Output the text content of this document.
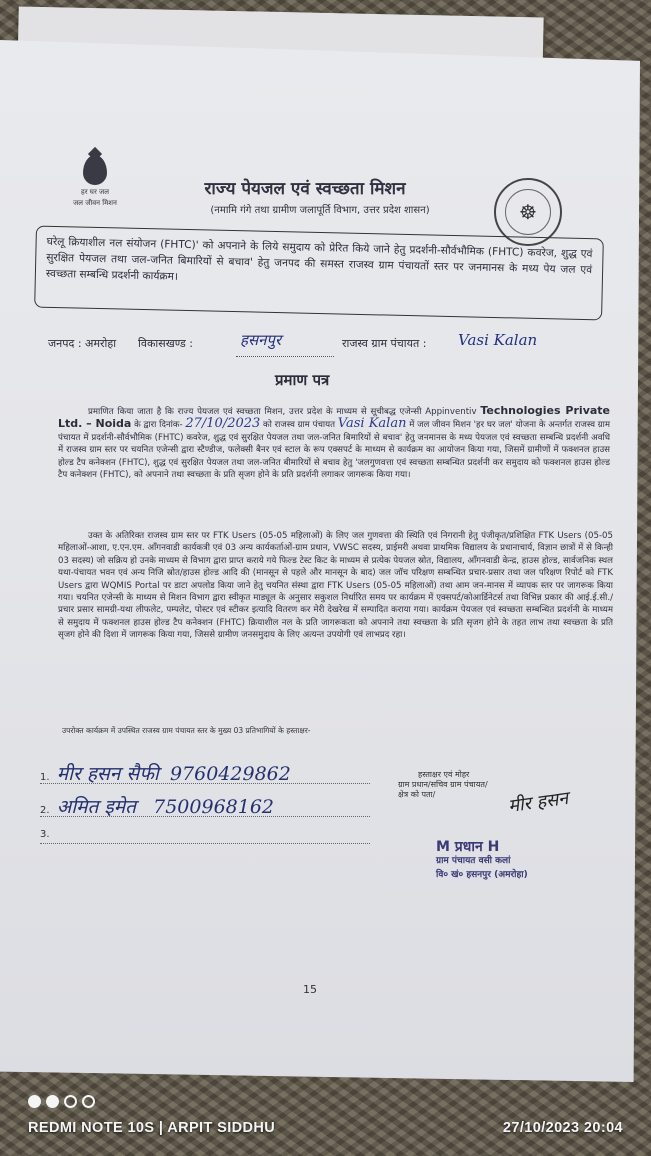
हर घर जल
जल जीवन मिशन
राज्य पेयजल एवं स्वच्छता मिशन
(नमामि गंगे तथा ग्रामीण जलापूर्ति विभाग, उत्तर प्रदेश शासन)	☸
घरेलू क्रियाशील नल संयोजन (FHTC)' को अपनाने के लिये समुदाय को प्रेरित किये जाने हेतु प्रदर्शनी-सौर्वभौमिक (FHTC) कवरेज, शुद्ध एवं सुरक्षित पेयजल तथा जल-जनित बिमारियों से बचाव' हेतु जनपद की समस्त राजस्व ग्राम पंचायतों स्तर पर जनमानस के मध्य पेय जल एवं स्वच्छता सम्बन्धि प्रदर्शनी कार्यक्रम।
जनपद : अमरोहा विकासखण्ड :	हसनपुर	राजस्व ग्राम पंचायत : Vasi Kalan
प्रमाण पत्र
प्रमाणित किया जाता है कि राज्य पेयजल एवं स्वच्छता मिशन, उत्तर प्रदेश के माध्यम से सूचीबद्ध एजेन्सी Appinventiv Technologies Private Ltd. – Noida के द्वारा दिनांक- 27/10/2023 को राजस्व ग्राम पंचायत Vasi Kalan में जल जीवन मिशन 'हर घर जल' योजना के अन्तर्गत राजस्व ग्राम पंचायत में प्रदर्शनी-सौर्वभौमिक (FHTC) कवरेज, शुद्ध एवं सुरक्षित पेयजल तथा जल-जनित बिमारियों से बचाव' हेतु जनमानस के मध्य पेयजल एवं स्वच्छता सम्बन्धि प्रदर्शनी अवधि में राजस्व ग्राम स्तर पर चयनित एजेन्सी द्वारा स्टैण्डीज, फलेक्सी बैनर एवं स्टाल के रूप एक्सपर्ट के माध्यम से कार्यक्रम का आयोजन किया गया, जिसमें ग्रामीणों में फक्शनल हाउस होल्ड टैप कनेक्शन (FHTC), शुद्ध एवं सुरक्षित पेयजल तथा जल-जनित बीमारियों से बचाव हेतु 'जलगुणवत्ता एवं स्वच्छता सम्बन्धित प्रदर्शनी कर समुदाय को फक्शनल हाउस होल्ड टैप कनेक्शन (FHTC), को अपनाने तथा स्वच्छता के प्रति सृजग होने के प्रति प्रदर्शनी लगाकर जागरूक किया गया।
उक्त के अतिरिक्त राजस्व ग्राम स्तर पर FTK Users (05-05 महिलाओं) के लिए जल गुणवत्ता की स्थिति एवं निगरानी हेतु पंजीकृत/प्रशिक्षित FTK Users (05-05 महिलाओं-आशा, ए.एन.एम. आँगनवाडी कार्यकत्री एवं 03 अन्य कार्यकर्ताओं-ग्राम प्रधान, VWSC सदस्य, प्राईमरी अथवा प्राथमिक विद्यालय के प्रधानाचार्य, विज्ञान छात्रों में से किन्ही 03 सदस्य) जो सक्रिय हो उनके माध्यम से विभाग द्वारा प्राप्त कराये गये फिल्ड टेस्ट किट के माध्यम से प्रत्येक पेयजल स्रोत, विद्यालय, आँगनवाडी केन्द्र, हाउस होल्ड, सार्वजनिक स्थल यथा-पंचायत भवन एवं अन्य निजि स्रोत/हाउस होल्ड आदि की (मानसून से पहले और मानसून के बाद) जल जॉच परिक्षण सम्बन्धित प्रचार-प्रसार तथा जल परिक्षण रिपोर्ट को FTK Users द्वारा WQMIS Portal पर डाटा अपलोड किया जाने हेतु चयनित संस्था द्वारा FTK Users (05-05 महिलाओं) तथा आम जन-मानस में व्यापक स्तर पर जागरूक किया गया। चयनित एजेन्सी के माध्यम से मिशन विभाग द्वारा स्वीकृत माड्यूल के अनुसार सकुशल निर्धारित समय पर कार्यक्रम में एक्सपर्ट/कोआर्डिनेटर्स तथा विभिन्न प्रकार की आई.ई.सी./प्रचार प्रसार सामग्री-यथा लीफलेट, पम्पलेट, पोस्टर एवं स्टीकर इत्यादि वितरण कर मेरी देखरेख में सम्पादित कराया गया। कार्यक्रम पेयजल एवं स्वच्छता सम्बन्धित प्रदर्शनी के माध्यम से समुदाय में फक्शनल हाउस होल्ड टैप कनेक्शन (FHTC) क्रियाशील नल के प्रति जागरूकता को अपनाने तथा स्वच्छता के प्रति सृजग होने के तहत लाभ तथा स्वच्छता के प्रति सृजग होने की दिशा में जागरूक किया गया, जिससे ग्रामीण जनसमुदाय के लिए अत्यन्त उपयोगी एवं लाभप्रद रहा।
उपरोक्त कार्यक्रम में उपस्थित राजस्व ग्राम पंचायत स्तर के मुख्य 03 प्रतिभागियों के हस्ताक्षर-
1. मीर हसन सैफी 9760429862
2. अमित इमेत 7500968162
3.
हस्ताक्षर एवं मोहर
ग्राम प्रधान/सचिव ग्राम पंचायत/
क्षेत्र को पता/	मीर हसन
M प्रधान H
ग्राम पंचायत वसी कलां
वि० खं० हसनपुर (अमरोहा)
15
REDMI NOTE 10S | ARPIT SIDDHU	27/10/2023 20:04
